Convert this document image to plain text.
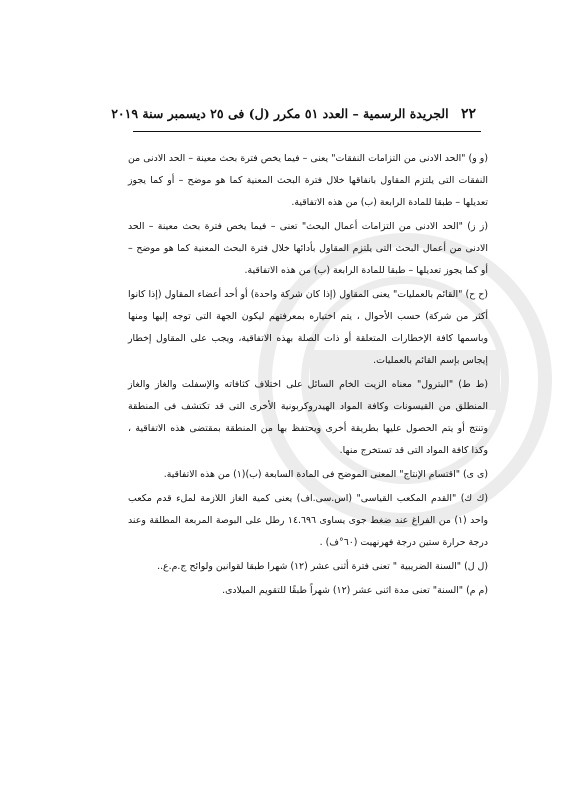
٢٢ الجريدة الرسمية – العدد ٥١ مكرر (ل) فى ٢٥ ديسمبر سنة ٢٠١٩

(و و) "الحد الادنى من التزامات النفقات" يعنى – فيما يخص فترة بحث معينة – الحد الادنى من النفقات التى يلتزم المقاول بانفاقها خلال فترة البحث المعنية كما هو موضح – أو كما يجوز تعديلها – طبقا للمادة الرابعة (ب) من هذه الاتفاقية.

(ز ز) "الحد الادنى من التزامات أعمال البحث" تعنى – فيما يخص فترة بحث معينة – الحد الادنى من أعمال البحث التى يلتزم المقاول بأدائها خلال فترة البحث المعنية كما هو موضح – أو كما يجوز تعديلها – طبقا للمادة الرابعة (ب) من هذه الاتفاقية.

(ح ح) "القائم بالعمليات" يعنى المقاول (إذا كان شركة واحدة) أو أحد أعضاء المقاول (إذا كانوا أكثر من شركة) حسب الأحوال ، يتم اختياره بمعرفتهم ليكون الجهة التى توجه إليها ومنها وباسمها كافة الإخطارات المتعلقة أو ذات الصلة بهذه الاتفاقية، ويجب على المقاول إخطار إيجاس بإسم القائم بالعمليات.

(ط ط) "البترول" معناه الزيت الخام السائل على اختلاف كثافاته والإسفلت والغاز والغاز المنطلق من القيسونات وكافة المواد الهيدروكربونية الأخرى التى قد تكتشف فى المنطقة وتنتج أو يتم الحصول عليها بطريقة أخرى ويحتفظ بها من المنطقة بمقتضى هذه الاتفاقية ، وكذا كافة المواد التى قد تستخرج منها.

(ى ى) "اقتسام الإنتاج" المعنى الموضح فى المادة السابعة (ب)(١) من هذه الاتفاقية.

(ك ك) "القدم المكعب القياسى" (اس.سى.اف) يعنى كمية الغاز اللازمة لملء قدم مكعب واحد (١) من الفراغ عند ضغط جوى يساوى ١٤.٦٩٦ رطل على البوصة المربعة المطلقة وعند درجة حرارة ستين درجة فهرنهيت (٦٠°ف) .

(ل ل) "السنة الضريبية " تعنى فترة أثنى عشر (١٢) شهرا طبقا لقوانين ولوائح ج.م.ع..

(م م) "السنة" تعنى مدة اثنى عشر (١٢) شهراً طبقًا للتقويم الميلادى.
